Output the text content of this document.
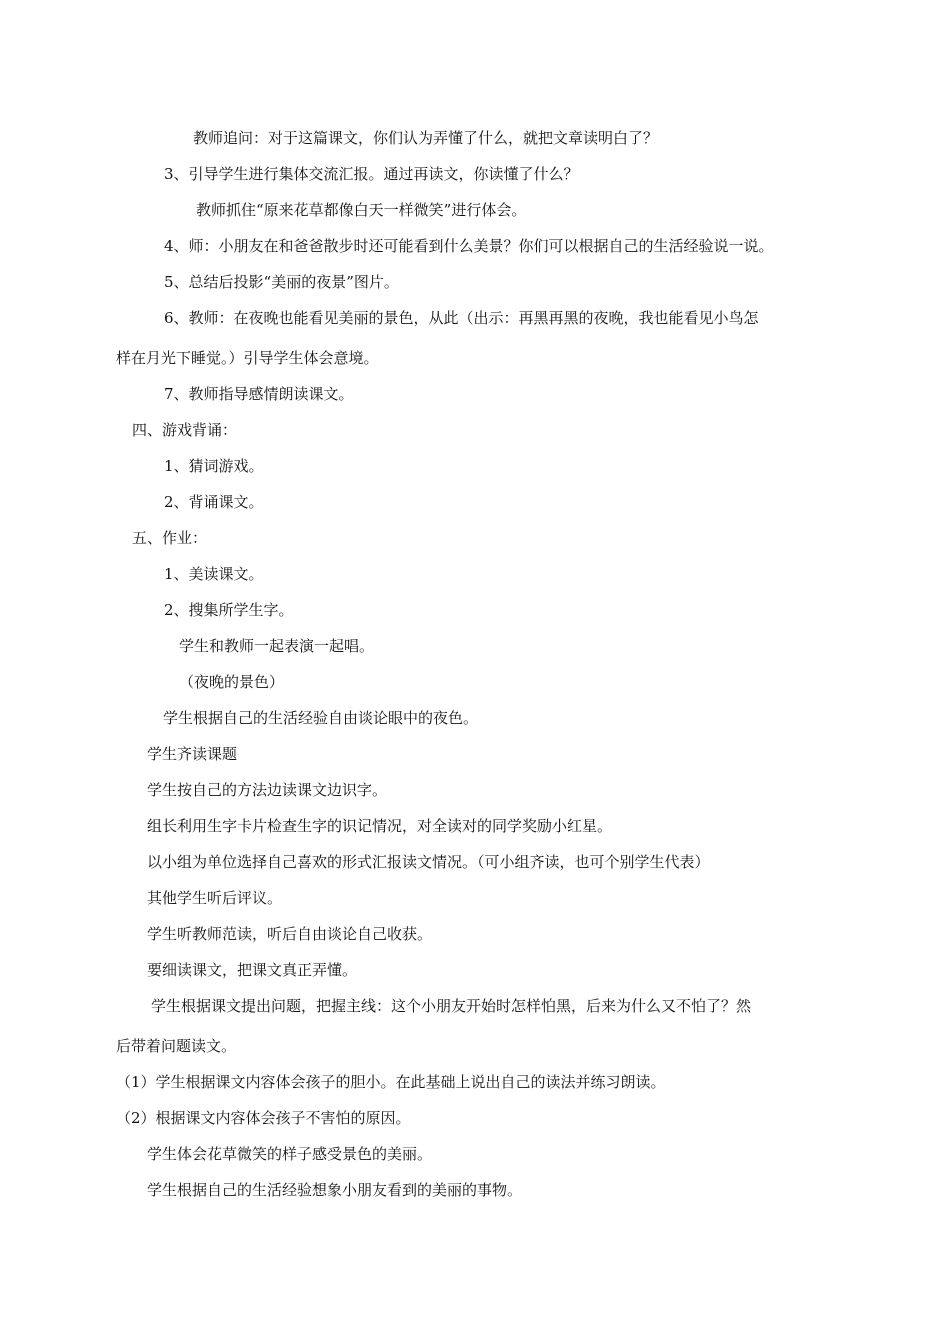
教师追问：对于这篇课文，你们认为弄懂了什么，就把文章读明白了？
3、引导学生进行集体交流汇报。通过再读文，你读懂了什么？
教师抓住“原来花草都像白天一样微笑”进行体会。
4、师：小朋友在和爸爸散步时还可能看到什么美景？你们可以根据自己的生活经验说一说。
5、总结后投影“美丽的夜景”图片。
6、教师：在夜晚也能看见美丽的景色，从此（出示：再黑再黑的夜晚，我也能看见小鸟怎
样在月光下睡觉。）引导学生体会意境。
7、教师指导感情朗读课文。
四、游戏背诵：
1、猜词游戏。
2、背诵课文。
五、作业：
1、美读课文。
2、搜集所学生字。
学生和教师一起表演一起唱。
（夜晚的景色）
学生根据自己的生活经验自由谈论眼中的夜色。
学生齐读课题
学生按自己的方法边读课文边识字。
组长利用生字卡片检查生字的识记情况，对全读对的同学奖励小红星。
以小组为单位选择自己喜欢的形式汇报读文情况。（可小组齐读，也可个别学生代表）
其他学生听后评议。
学生听教师范读，听后自由谈论自己收获。
要细读课文，把课文真正弄懂。
学生根据课文提出问题，把握主线：这个小朋友开始时怎样怕黑，后来为什么又不怕了？然
后带着问题读文。
（1）学生根据课文内容体会孩子的胆小。在此基础上说出自己的读法并练习朗读。
（2）根据课文内容体会孩子不害怕的原因。
学生体会花草微笑的样子感受景色的美丽。
学生根据自己的生活经验想象小朋友看到的美丽的事物。
